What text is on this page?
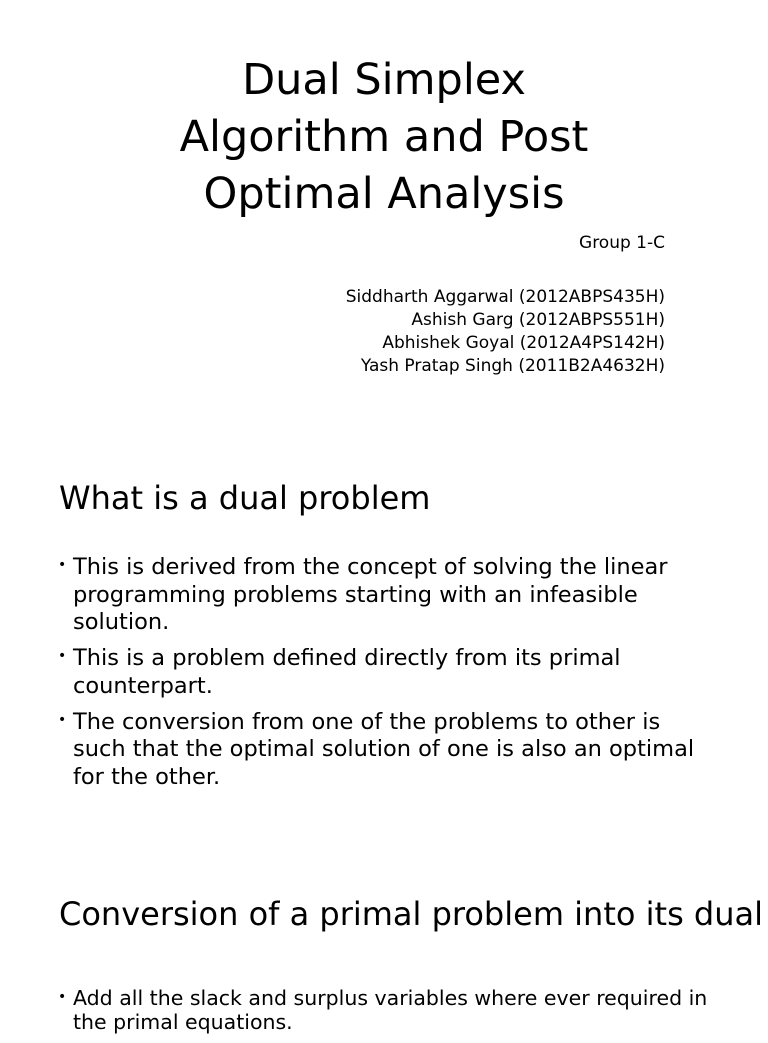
Dual Simplex
Algorithm and Post
Optimal Analysis
Group 1-C
Siddharth Aggarwal (2012ABPS435H)
Ashish Garg (2012ABPS551H)
Abhishek Goyal (2012A4PS142H)
Yash Pratap Singh (2011B2A4632H)
What is a dual problem
• This is derived from the concept of solving the linear programming problems starting with an infeasible solution.
• This is a problem defined directly from its primal counterpart.
• The conversion from one of the problems to other is such that the optimal solution of one is also an optimal for the other.
Conversion of a primal problem into its dual
• Add all the slack and surplus variables where ever required in the primal equations.
